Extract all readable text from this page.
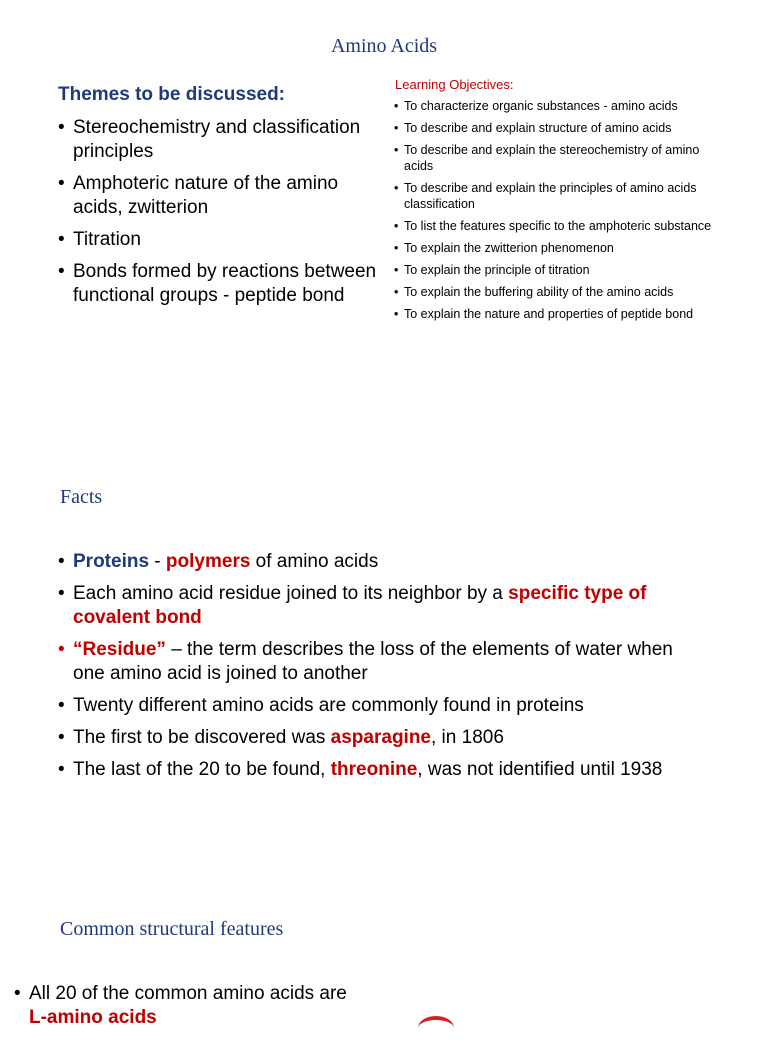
Amino Acids
Themes to be discussed:
• Stereochemistry and classification principles
• Amphoteric nature of the amino acids, zwitterion
• Titration
• Bonds formed by reactions between functional groups - peptide bond
Learning Objectives:
• To characterize organic substances - amino acids
• To describe and explain structure of amino acids
• To describe and explain the stereochemistry of amino acids
• To describe and explain the principles of amino acids classification
• To list the features specific to the amphoteric substance
• To explain the zwitterion phenomenon
• To explain the principle of titration
• To explain the buffering ability of the amino acids
• To explain the nature and properties of peptide bond
Facts
• Proteins - polymers of amino acids
• Each amino acid residue joined to its neighbor by a specific type of covalent bond
• “Residue” – the term describes the loss of the elements of water when one amino acid is joined to another
• Twenty different amino acids are commonly found in proteins
• The first to be discovered was asparagine, in 1806
• The last of the 20 to be found, threonine, was not identified until 1938
Common structural features
• All 20 of the common amino acids are L-amino acids
